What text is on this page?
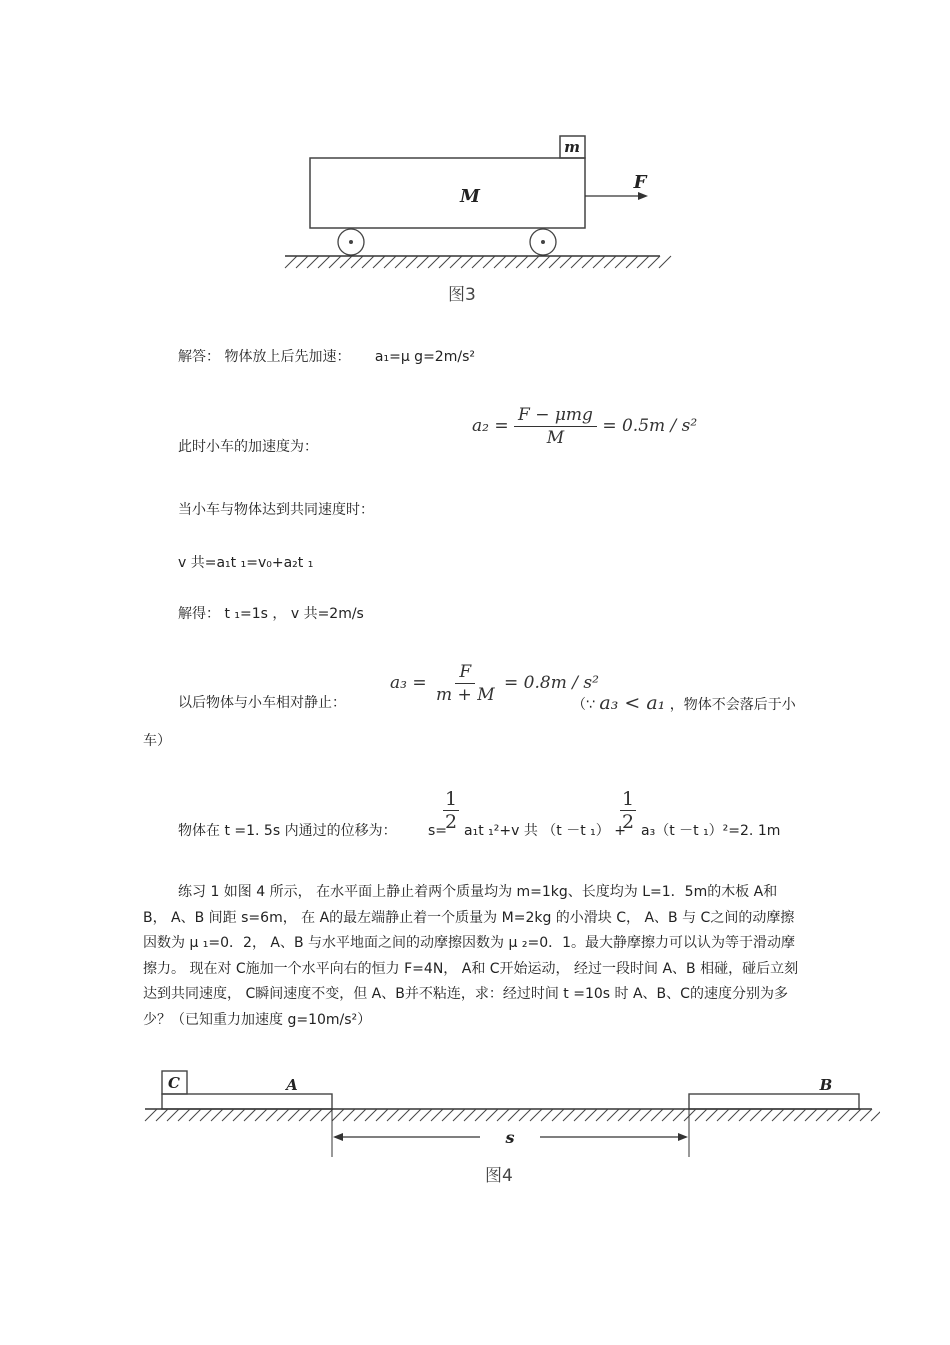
m
M
F
图3
解答： 物体放上后先加速： a₁=μ g=2m/s²
此时小车的加速度为：
$a_2 = \frac{\text{F − μmg}}{M} = 0.5m / s^2$
当小车与物体达到共同速度时：
v 共=a₁t ₁=v₀+a₂t ₁
解得： t ₁=1s ， v 共=2m/s
以后物体与小车相对静止：
$a_3 = \frac{F}{m + M} = 0.8m / s^2$
（∵ a₃ < a₁ ，物体不会落后于小
车）
物体在 t =1. 5s 内通过的位移为： s=
1
2 a₁t ₁²+v 共 （t －t ₁） +
1
2 a₃（t －t ₁）²=2. 1m
练习 1 如图 4 所示， 在水平面上静止着两个质量均为 m=1kg、长度均为 L=1．5m的木板 A和 B， A、B 间距 s=6m， 在 A的最左端静止着一个质量为 M=2kg 的小滑块 C， A、B 与 C之间的动摩擦因数为 μ ₁=0．2， A、B 与水平地面之间的动摩擦因数为 μ ₂=0．1。最大静摩擦力可以认为等于滑动摩擦力。 现在对 C施加一个水平向右的恒力 F=4N， A和 C开始运动， 经过一段时间 A、B 相碰，碰后立刻达到共同速度， C瞬间速度不变，但 A、B并不粘连，求：经过时间 t =10s 时 A、B、C的速度分别为多少？（已知重力加速度 g=10m/s²）
C	A	B
s
图4
